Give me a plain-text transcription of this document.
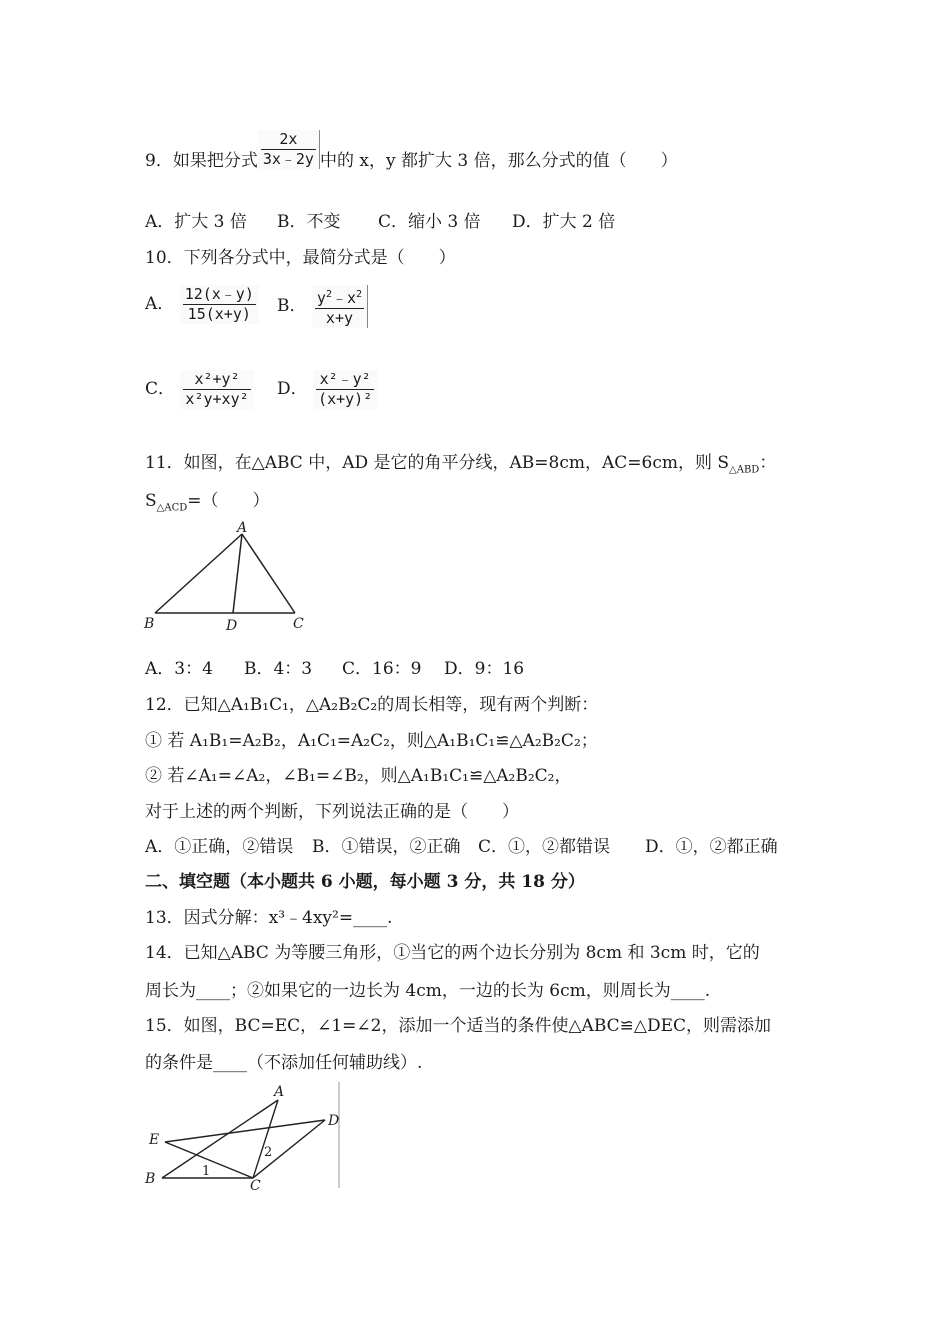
9．如果把分式 $\frac{2x}{3x﹣2y}$ 中的 x，y 都扩大 3 倍，那么分式的值（　　）
A．扩大 3 倍 B．不变 C．缩小 3 倍 D．扩大 2 倍
10．下列各分式中，最简分式是（　　）
A． $\frac{12(x﹣y)}{15(x+y)}$ B． $\frac{y^2﹣x^2}{x+y}$
C． $\frac{\text{x²+y²}}{\text{x²y+xy²}}$ D． $\frac{\text{x²﹣y²}}{\text{(x+y)²}}$
11．如图，在△ABC 中，AD 是它的角平分线，AB=8cm，AC=6cm，则 $S_{\triangle ABD}$：
$S_{\triangle ACD}=$（　　）
A
B	D	C
A．3：4 B．4：3 C．16：9 D．9：16
12．已知△A₁B₁C₁，△A₂B₂C₂的周长相等，现有两个判断：
① 若 A₁B₁=A₂B₂，A₁C₁=A₂C₂，则△A₁B₁C₁≌△A₂B₂C₂；
② 若∠A₁=∠A₂，∠B₁=∠B₂，则△A₁B₁C₁≌△A₂B₂C₂，
对于上述的两个判断，下列说法正确的是（　　）
A．①正确，②错误 B．①错误，②正确 C．①，②都错误 D．①，②都正确
二、填空题（本小题共 6 小题，每小题 3 分，共 18 分）
13．因式分解：x³﹣4xy²=____.
14．已知△ABC 为等腰三角形，①当它的两个边长分别为 8cm 和 3cm 时，它的
周长为____；②如果它的一边长为 4cm，一边的长为 6cm，则周长为____.
15．如图，BC=EC，∠1=∠2，添加一个适当的条件使△ABC≌△DEC，则需添加
的条件是____（不添加任何辅助线）.
A
D
E
B	C
1
2
